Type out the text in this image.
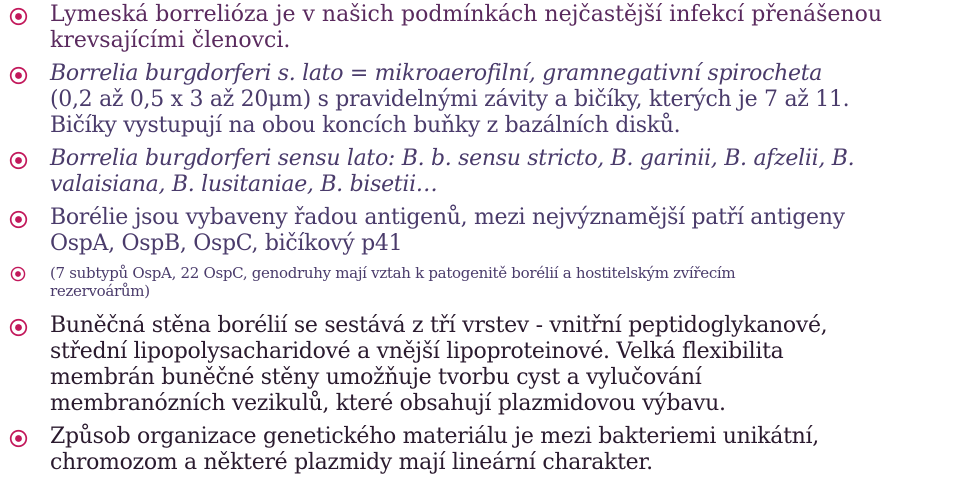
Lymeská borrelióza je v našich podmínkách nejčastější infekcí přenášenou
krevsajícími členovci.

Borrelia burgdorferi s. lato = mikroaerofilní, gramnegativní spirocheta
(0,2 až 0,5 x 3 až 20μm) s pravidelnými závity a bičíky, kterých je 7 až 11.
Bičíky vystupují na obou koncích buňky z bazálních disků.

Borrelia burgdorferi sensu lato: B. b. sensu stricto, B. garinii, B. afzelii, B.
valaisiana, B. lusitaniae, B. bisetii…

Borélie jsou vybaveny řadou antigenů, mezi nejvýznamější patří antigeny
OspA, OspB, OspC, bičíkový p41

(7 subtypů OspA, 22 OspC, genodruhy mají vztah k patogenitě borélií a hostitelským zvířecím
rezervoárům)

Buněčná stěna borélií se sestává z tří vrstev - vnitřní peptidoglykanové,
střední lipopolysacharidové a vnější lipoproteinové. Velká flexibilita
membrán buněčné stěny umožňuje tvorbu cyst a vylučování
membranózních vezikulů, které obsahují plazmidovou výbavu.

Způsob organizace genetického materiálu je mezi bakteriemi unikátní,
chromozom a některé plazmidy mají lineární charakter.
